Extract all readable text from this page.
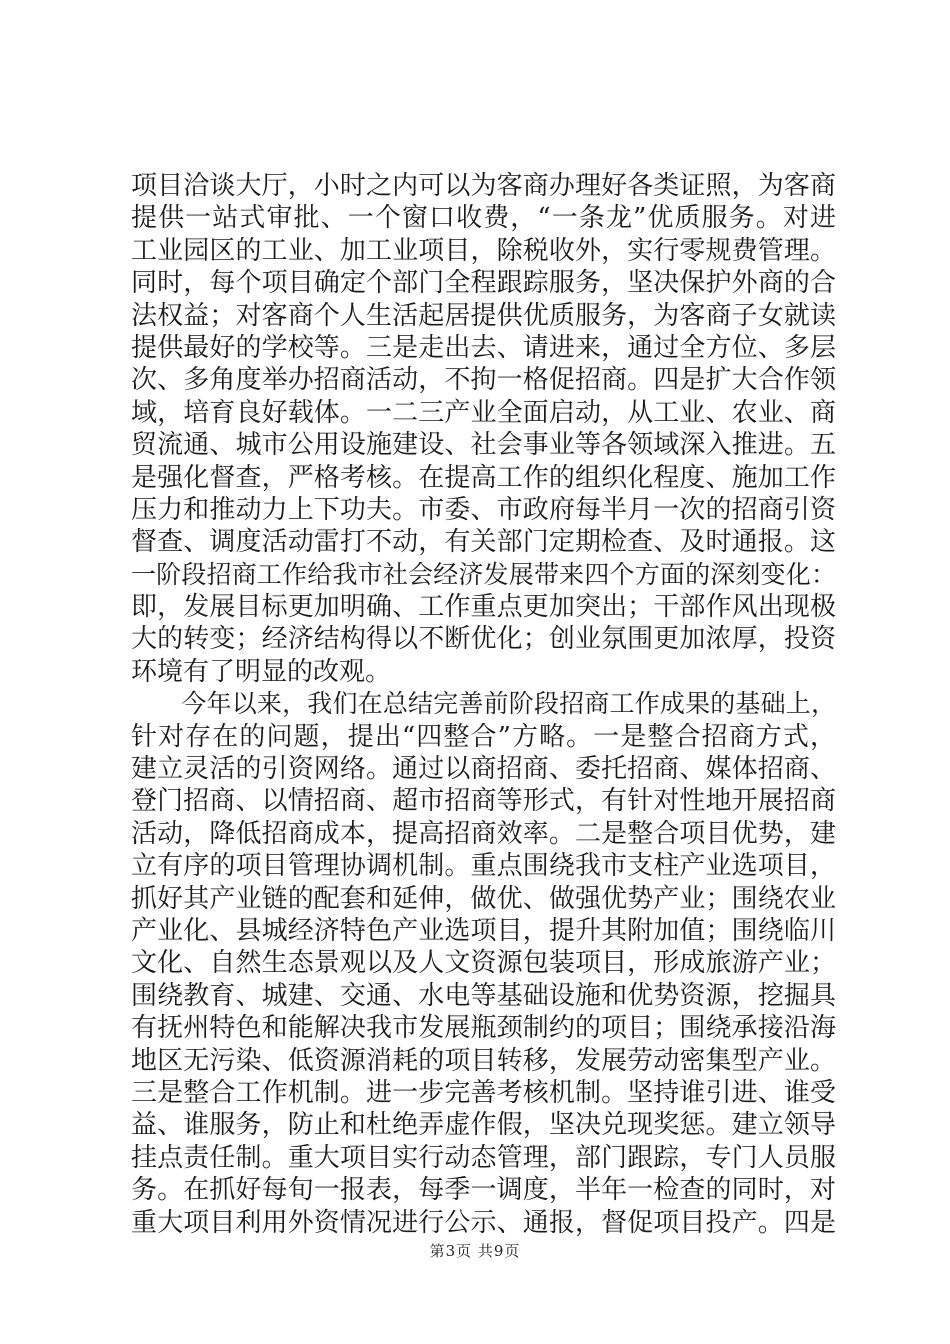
项目洽谈大厅，小时之内可以为客商办理好各类证照，为客商
提供一站式审批、一个窗口收费，“一条龙”优质服务。对进
工业园区的工业、加工业项目，除税收外，实行零规费管理。
同时，每个项目确定个部门全程跟踪服务，坚决保护外商的合
法权益；对客商个人生活起居提供优质服务，为客商子女就读
提供最好的学校等。三是走出去、请进来，通过全方位、多层
次、多角度举办招商活动，不拘一格促招商。四是扩大合作领
域，培育良好载体。一二三产业全面启动，从工业、农业、商
贸流通、城市公用设施建设、社会事业等各领域深入推进。五
是强化督查，严格考核。在提高工作的组织化程度、施加工作
压力和推动力上下功夫。市委、市政府每半月一次的招商引资
督查、调度活动雷打不动，有关部门定期检查、及时通报。这
一阶段招商工作给我市社会经济发展带来四个方面的深刻变化：
即，发展目标更加明确、工作重点更加突出；干部作风出现极
大的转变；经济结构得以不断优化；创业氛围更加浓厚，投资
环境有了明显的改观。
　　今年以来，我们在总结完善前阶段招商工作成果的基础上，
针对存在的问题，提出“四整合”方略。一是整合招商方式，
建立灵活的引资网络。通过以商招商、委托招商、媒体招商、
登门招商、以情招商、超市招商等形式，有针对性地开展招商
活动，降低招商成本，提高招商效率。二是整合项目优势，建
立有序的项目管理协调机制。重点围绕我市支柱产业选项目，
抓好其产业链的配套和延伸，做优、做强优势产业；围绕农业
产业化、县城经济特色产业选项目，提升其附加值；围绕临川
文化、自然生态景观以及人文资源包装项目，形成旅游产业；
围绕教育、城建、交通、水电等基础设施和优势资源，挖掘具
有抚州特色和能解决我市发展瓶颈制约的项目；围绕承接沿海
地区无污染、低资源消耗的项目转移，发展劳动密集型产业。
三是整合工作机制。进一步完善考核机制。坚持谁引进、谁受
益、谁服务，防止和杜绝弄虚作假，坚决兑现奖惩。建立领导
挂点责任制。重大项目实行动态管理，部门跟踪，专门人员服
务。在抓好每旬一报表，每季一调度，半年一检查的同时，对
重大项目利用外资情况进行公示、通报，督促项目投产。四是
第3页 共9页
